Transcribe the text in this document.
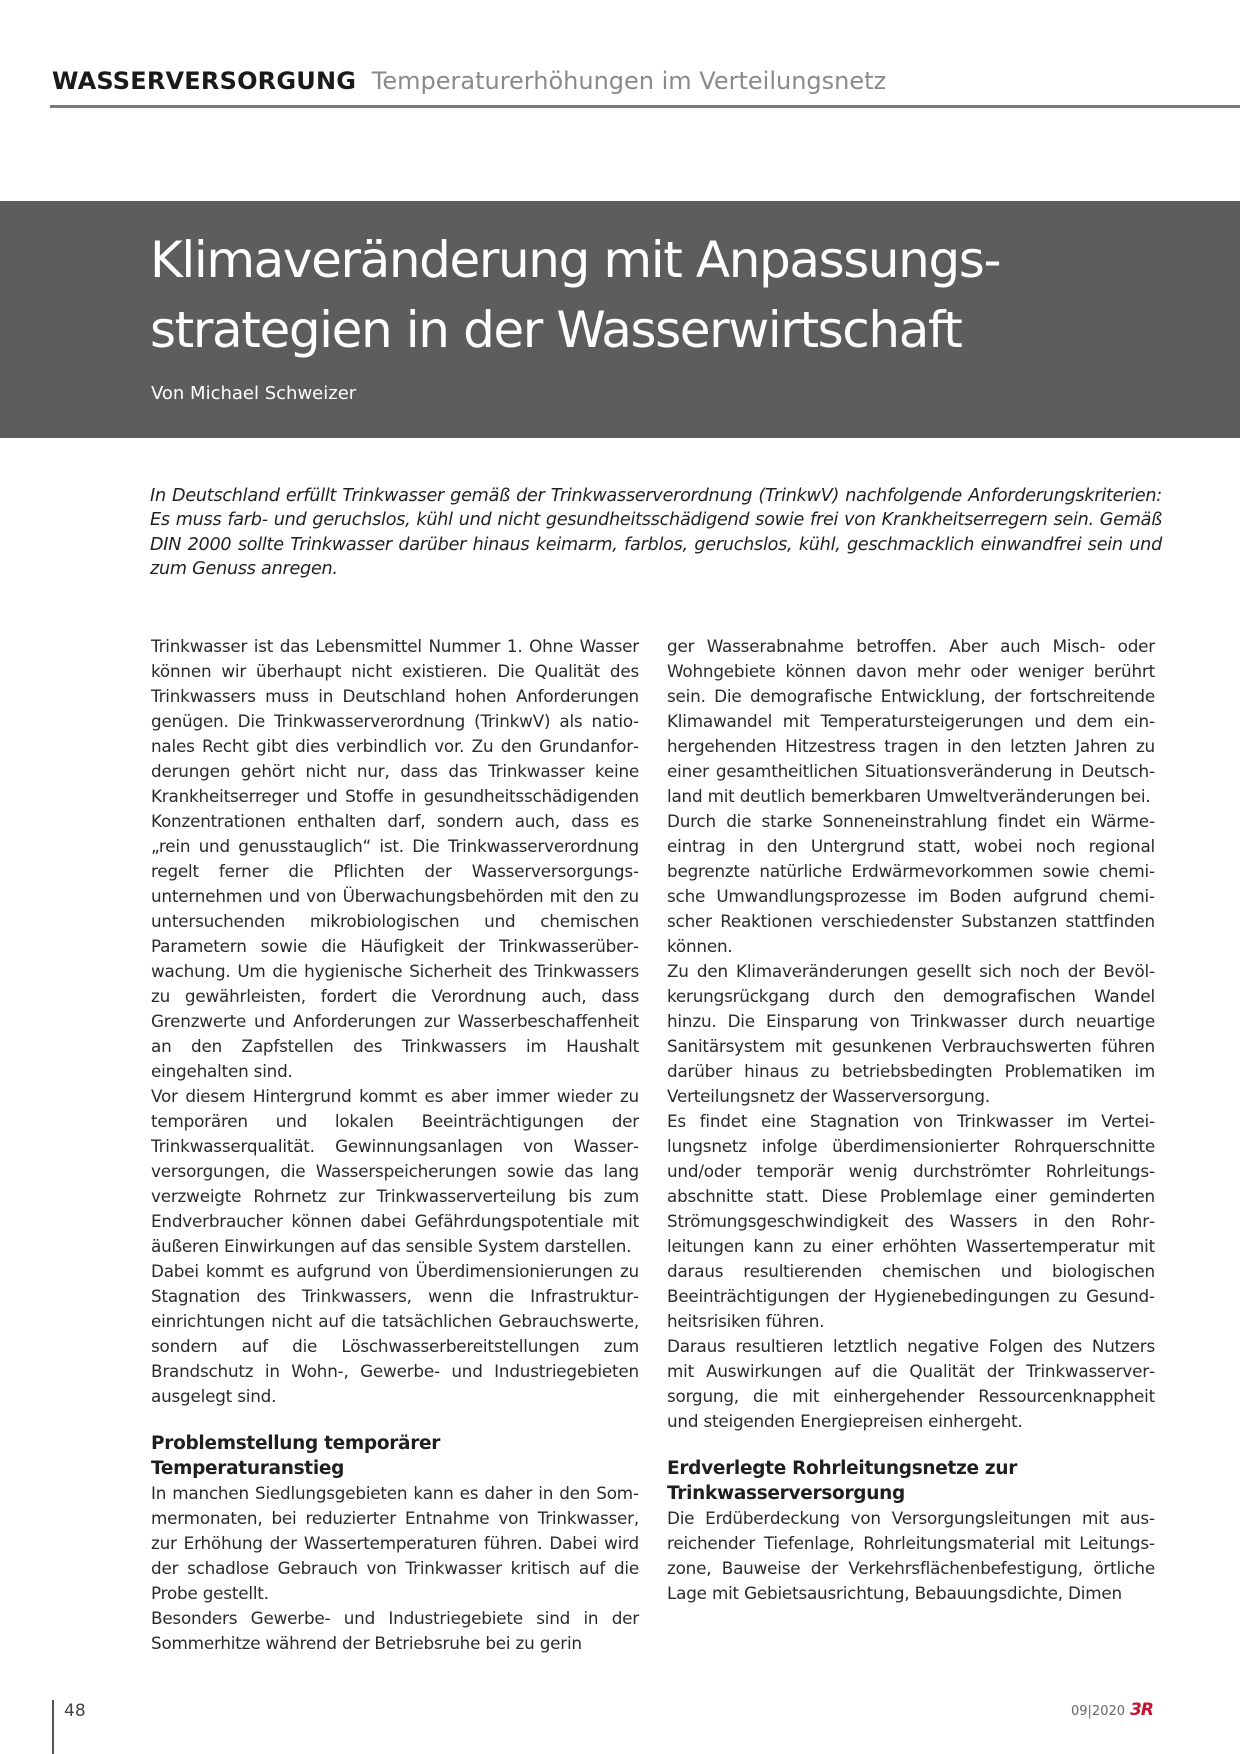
WASSERVERSORGUNG Temperaturerhöhungen im Verteilungsnetz
Klimaveränderung mit Anpassungs-
strategien in der Wasserwirtschaft
Von Michael Schweizer
In Deutschland erfüllt Trinkwasser gemäß der Trinkwasserverordnung (TrinkwV) nachfolgende Anforderungskriterien: Es muss farb- und geruchslos, kühl und nicht gesundheitsschädigend sowie frei von Krankheitserregern sein. Gemäß DIN 2000 sollte Trinkwasser darüber hinaus keimarm, farblos, geruchslos, kühl, geschmacklich einwandfrei sein und zum Genuss anregen.

Trinkwasser ist das Lebensmittel Nummer 1. Ohne Wasser können wir überhaupt nicht existieren. Die Qualität des Trinkwassers muss in Deutschland hohen Anforderungen genügen. Die Trinkwasserverordnung (TrinkwV) als nationales Recht gibt dies verbindlich vor. Zu den Grundanforderungen gehört nicht nur, dass das Trinkwasser keine Krankheitserreger und Stoffe in gesundheitsschädigenden Konzentrationen enthalten darf, sondern auch, dass es „rein und genusstauglich“ ist. Die Trinkwasserverordnung regelt ferner die Pflichten der Wasserversorgungsunternehmen und von Überwachungsbehörden mit den zu untersuchenden mikrobiologischen und chemischen Parametern sowie die Häufigkeit der Trinkwasserüberwachung. Um die hygienische Sicherheit des Trinkwassers zu gewährleisten, fordert die Verordnung auch, dass Grenzwerte und Anforderungen zur Wasserbeschaffenheit an den Zapfstellen des Trinkwassers im Haushalt eingehalten sind.

Vor diesem Hintergrund kommt es aber immer wieder zu temporären und lokalen Beeinträchtigungen der Trinkwasserqualität. Gewinnungsanlagen von Wasserversorgungen, die Wasserspeicherungen sowie das lang verzweigte Rohrnetz zur Trinkwasserverteilung bis zum Endverbraucher können dabei Gefährdungspotentiale mit äußeren Einwirkungen auf das sensible System darstellen.

Dabei kommt es aufgrund von Überdimensionierungen zu Stagnation des Trinkwassers, wenn die Infrastruktureinrichtungen nicht auf die tatsächlichen Gebrauchswerte, sondern auf die Löschwasserbereitstellungen zum Brandschutz in Wohn-, Gewerbe- und Industriegebieten ausgelegt sind.

Problemstellung temporärer Temperaturanstieg

In manchen Siedlungsgebieten kann es daher in den Sommermonaten, bei reduzierter Entnahme von Trinkwasser, zur Erhöhung der Wassertemperaturen führen. Dabei wird der schadlose Gebrauch von Trinkwasser kritisch auf die Probe gestellt.

Besonders Gewerbe- und Industriegebiete sind in der Sommerhitze während der Betriebsruhe bei zu gerin

ger Wasserabnahme betroffen. Aber auch Misch- oder Wohngebiete können davon mehr oder weniger berührt sein. Die demografische Entwicklung, der fortschreitende Klimawandel mit Temperatursteigerungen und dem einhergehenden Hitzestress tragen in den letzten Jahren zu einer gesamtheitlichen Situationsveränderung in Deutschland mit deutlich bemerkbaren Umweltveränderungen bei.

Durch die starke Sonneneinstrahlung findet ein Wärmeeintrag in den Untergrund statt, wobei noch regional begrenzte natürliche Erdwärmevorkommen sowie chemische Umwandlungsprozesse im Boden aufgrund chemischer Reaktionen verschiedenster Substanzen stattfinden können.

Zu den Klimaveränderungen gesellt sich noch der Bevölkerungsrückgang durch den demografischen Wandel hinzu. Die Einsparung von Trinkwasser durch neuartige Sanitärsystem mit gesunkenen Verbrauchswerten führen darüber hinaus zu betriebsbedingten Problematiken im Verteilungsnetz der Wasserversorgung.

Es findet eine Stagnation von Trinkwasser im Verteilungsnetz infolge überdimensionierter Rohrquerschnitte und/oder temporär wenig durchströmter Rohrleitungsabschnitte statt. Diese Problemlage einer geminderten Strömungsgeschwindigkeit des Wassers in den Rohrleitungen kann zu einer erhöhten Wassertemperatur mit daraus resultierenden chemischen und biologischen Beeinträchtigungen der Hygienebedingungen zu Gesundheitsrisiken führen.

Daraus resultieren letztlich negative Folgen des Nutzers mit Auswirkungen auf die Qualität der Trinkwasserversorgung, die mit einhergehender Ressourcenknappheit und steigenden Energiepreisen einhergeht.

Erdverlegte Rohrleitungsnetze zur Trinkwasserversorgung

Die Erdüberdeckung von Versorgungsleitungen mit ausreichender Tiefenlage, Rohrleitungsmaterial mit Leitungszone, Bauweise der Verkehrsflächenbefestigung, örtliche Lage mit Gebietsausrichtung, Bebauungsdichte, Dimen

48	09|2020 3R
